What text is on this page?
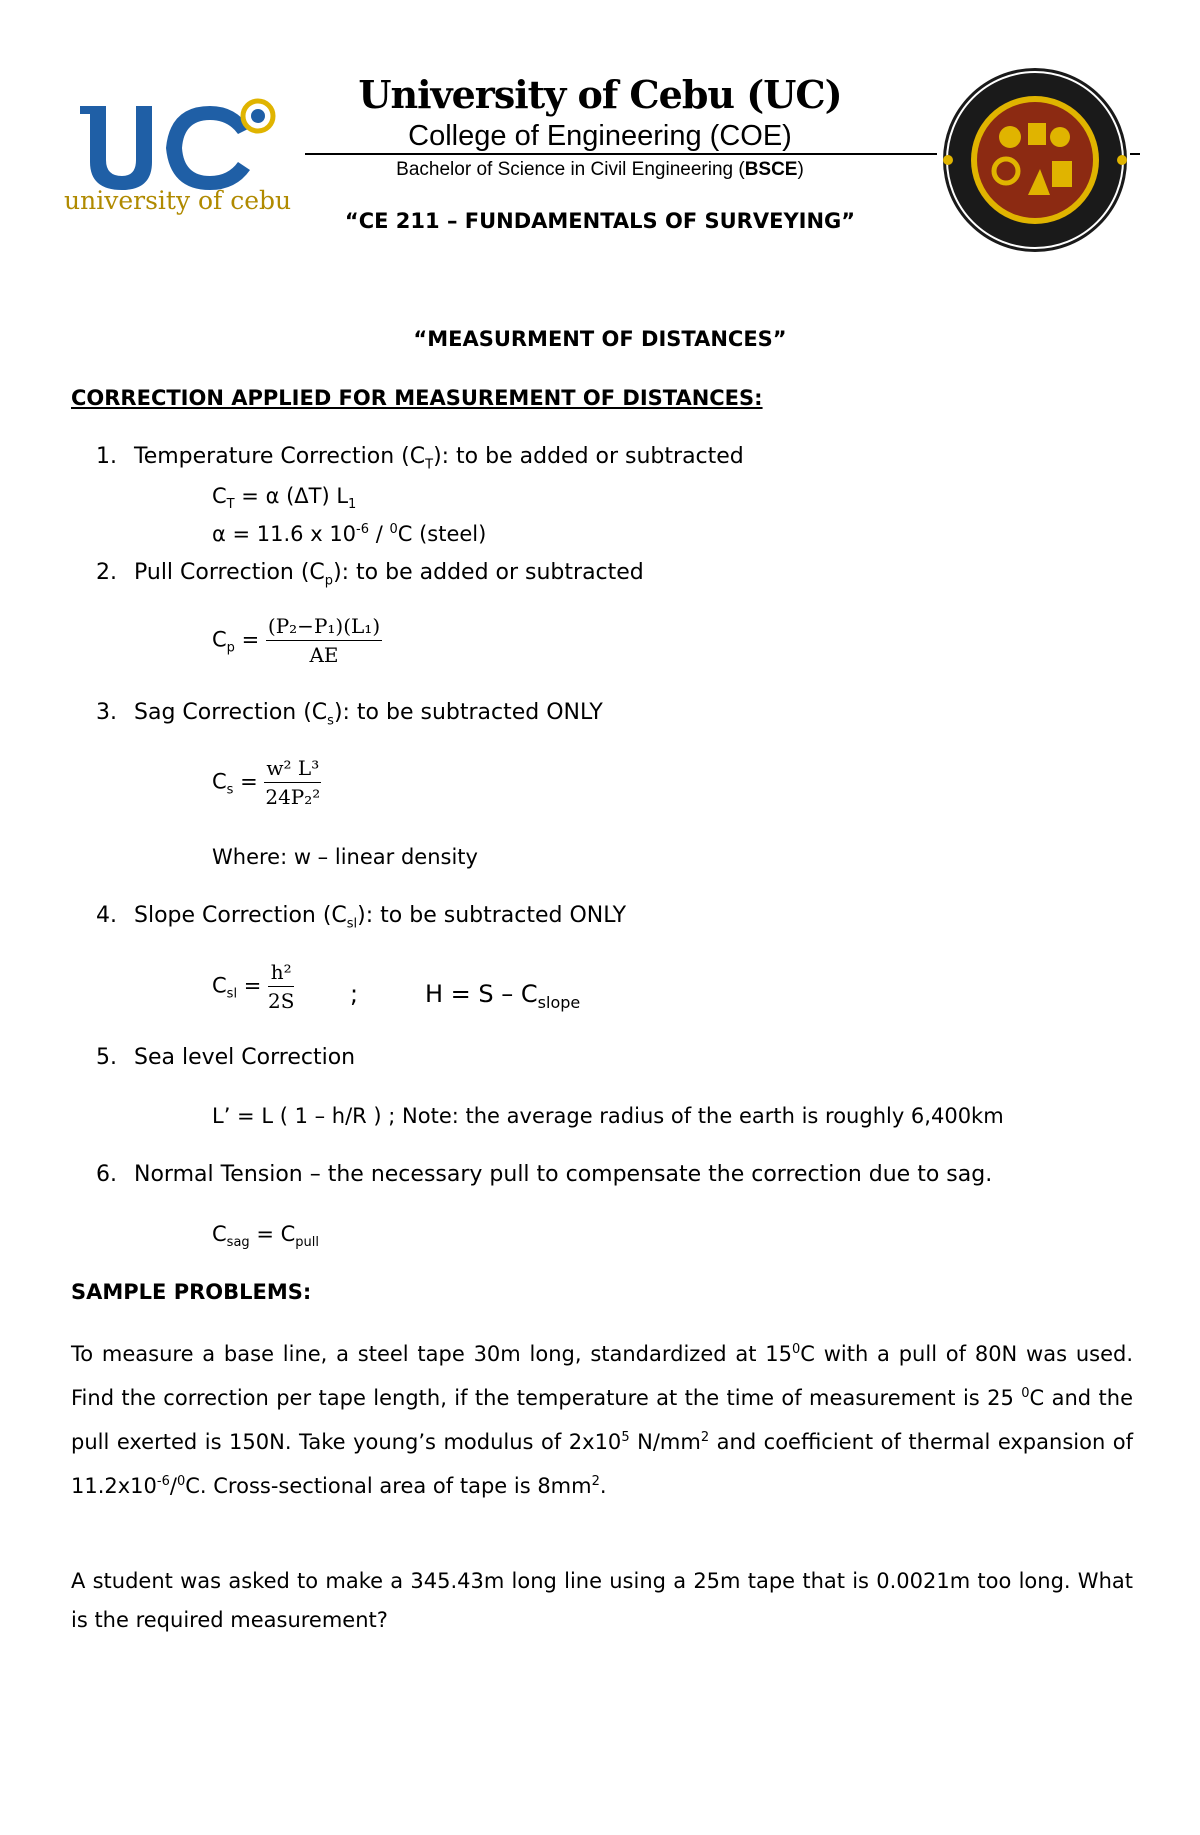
university of cebu
University of Cebu (UC)
College of Engineering (COE)
Bachelor of Science in Civil Engineering (BSCE)
“CE 211 – FUNDAMENTALS OF SURVEYING”
“MEASURMENT OF DISTANCES”
CORRECTION APPLIED FOR MEASUREMENT OF DISTANCES:
1. Temperature Correction $(C_T)$: to be added or subtracted
$C_T = \alpha$ (ΔT) $L_1$
α = 11.6 x $10^{-6} / ^0C$ (steel)
2. Pull Correction $(C_p)$: to be added or subtracted
$C_p = \frac{\text{(P₂−P₁)(L₁)}}{AE}$
3. Sag Correction $(C_s)$: to be subtracted ONLY
$C_s = \frac{\text{w² L³}}{\text{24P₂²}}$
Where: w – linear density
4. Slope Correction $(C_{sl})$: to be subtracted ONLY
$C_{sl} = \frac{\text{h²}}{2S}$ ;	$H = S - C_{slope}$
5. Sea level Correction
L’ = L ( 1 – h/R ) ; Note: the average radius of the earth is roughly 6,400km
6. Normal Tension – the necessary pull to compensate the correction due to sag.
$C_{sag} = C_{pull}$
SAMPLE PROBLEMS:
To measure a base line, a steel tape 30m long, standardized at $15^0C$ with a pull of 80N was used. Find the correction per tape length, if the temperature at the time of measurement is 25 $^0$C and the pull exerted is 150N. Take young’s modulus of $2x10^5$ $N/mm^2$ and coefficient of thermal expansion of $11.2x10^{-6}/^0C$. Cross-sectional area of tape is $8mm^2$.
A student was asked to make a 345.43m long line using a 25m tape that is 0.0021m too long. What is the required measurement?
